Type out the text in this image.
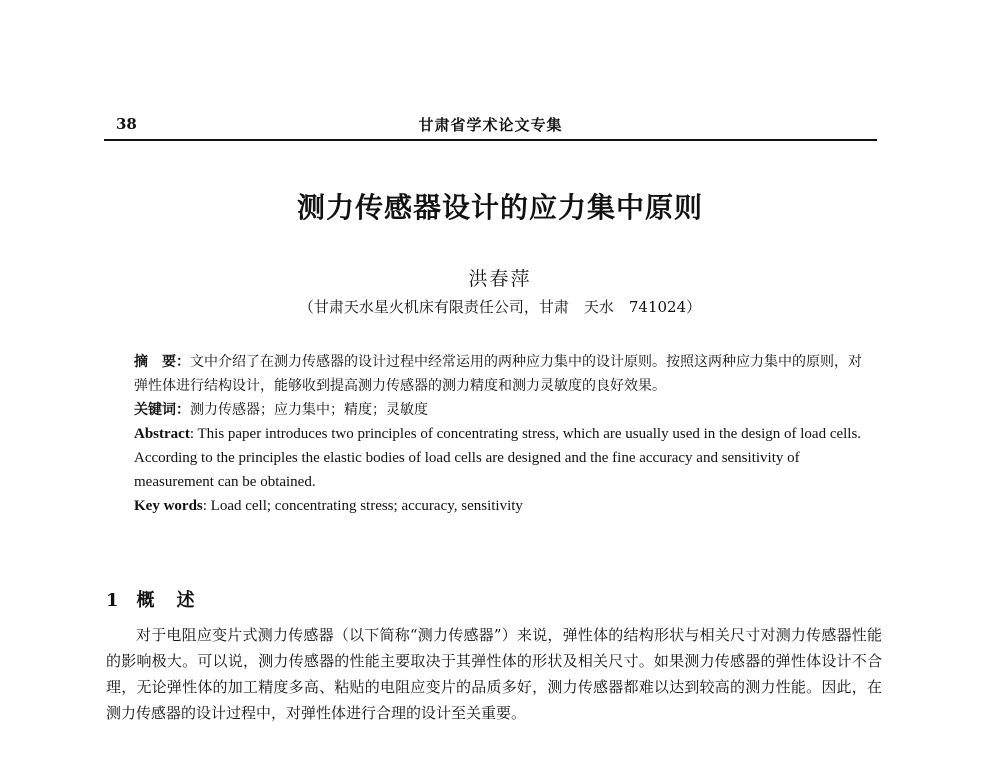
38	甘肃省学术论文专集
测力传感器设计的应力集中原则
洪春萍
（甘肃天水星火机床有限责任公司，甘肃　天水　741024）

摘　要：文中介绍了在测力传感器的设计过程中经常运用的两种应力集中的设计原则。按照这两种应力集中的原则，对弹性体进行结构设计，能够收到提高测力传感器的测力精度和测力灵敏度的良好效果。

关键词：测力传感器；应力集中；精度；灵敏度

Abstract: This paper introduces two principles of concentrating stress, which are usually used in the design of load cells. According to the principles the elastic bodies of load cells are designed and the fine accuracy and sensitivity of measurement can be obtained.

Key words: Load cell; concentrating stress; accuracy, sensitivity

1 概　述
对于电阻应变片式测力传感器（以下简称“测力传感器”）来说，弹性体的结构形状与相关尺寸对测力传感器性能的影响极大。可以说，测力传感器的性能主要取决于其弹性体的形状及相关尺寸。如果测力传感器的弹性体设计不合理，无论弹性体的加工精度多高、粘贴的电阻应变片的品质多好，测力传感器都难以达到较高的测力性能。因此，在测力传感器的设计过程中，对弹性体进行合理的设计至关重要。
